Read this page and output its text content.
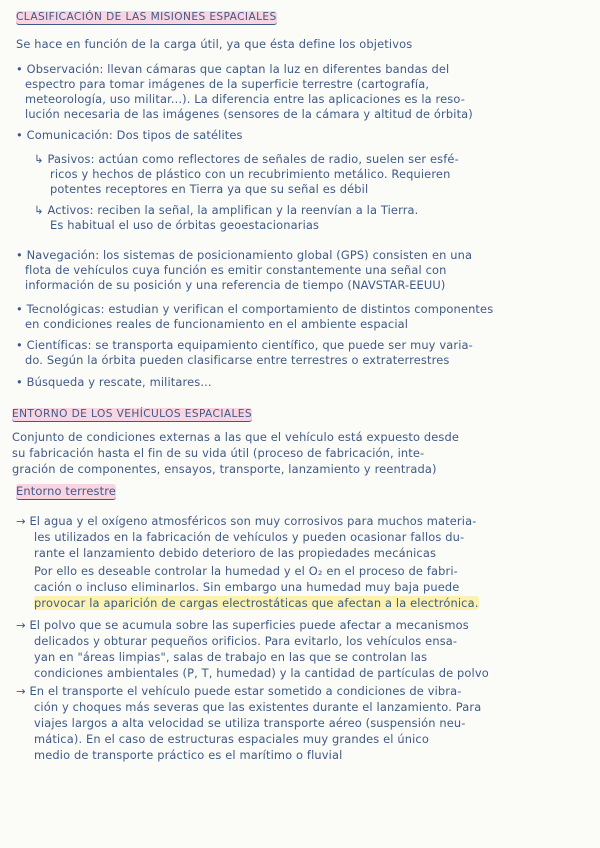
CLASIFICACIÓN DE LAS MISIONES ESPACIALES
Se hace en función de la carga útil, ya que ésta define los objetivos
• Observación: llevan cámaras que captan la luz en diferentes bandas del
espectro para tomar imágenes de la superficie terrestre (cartografía,
meteorología, uso militar...). La diferencia entre las aplicaciones es la reso-
lución necesaria de las imágenes (sensores de la cámara y altitud de órbita)
• Comunicación: Dos tipos de satélites
↳ Pasivos: actúan como reflectores de señales de radio, suelen ser esfé-
ricos y hechos de plástico con un recubrimiento metálico. Requieren
potentes receptores en Tierra ya que su señal es débil
↳ Activos: reciben la señal, la amplifican y la reenvían a la Tierra.
Es habitual el uso de órbitas geoestacionarias
• Navegación: los sistemas de posicionamiento global (GPS) consisten en una
flota de vehículos cuya función es emitir constantemente una señal con
información de su posición y una referencia de tiempo (NAVSTAR-EEUU)
• Tecnológicas: estudian y verifican el comportamiento de distintos componentes
en condiciones reales de funcionamiento en el ambiente espacial
• Científicas: se transporta equipamiento científico, que puede ser muy varia-
do. Según la órbita pueden clasificarse entre terrestres o extraterrestres
• Búsqueda y rescate, militares...
ENTORNO DE LOS VEHÍCULOS ESPACIALES
Conjunto de condiciones externas a las que el vehículo está expuesto desde
su fabricación hasta el fin de su vida útil (proceso de fabricación, inte-
gración de componentes, ensayos, transporte, lanzamiento y reentrada)
Entorno terrestre
→ El agua y el oxígeno atmosféricos son muy corrosivos para muchos materia-
les utilizados en la fabricación de vehículos y pueden ocasionar fallos du-
rante el lanzamiento debido deterioro de las propiedades mecánicas
Por ello es deseable controlar la humedad y el O₂ en el proceso de fabri-
cación o incluso eliminarlos. Sin embargo una humedad muy baja puede
provocar la aparición de cargas electrostáticas que afectan a la electrónica.
→ El polvo que se acumula sobre las superficies puede afectar a mecanismos
delicados y obturar pequeños orificios. Para evitarlo, los vehículos ensa-
yan en "áreas limpias", salas de trabajo en las que se controlan las
condiciones ambientales (P, T, humedad) y la cantidad de partículas de polvo
→ En el transporte el vehículo puede estar sometido a condiciones de vibra-
ción y choques más severas que las existentes durante el lanzamiento. Para
viajes largos a alta velocidad se utiliza transporte aéreo (suspensión neu-
mática). En el caso de estructuras espaciales muy grandes el único
medio de transporte práctico es el marítimo o fluvial
